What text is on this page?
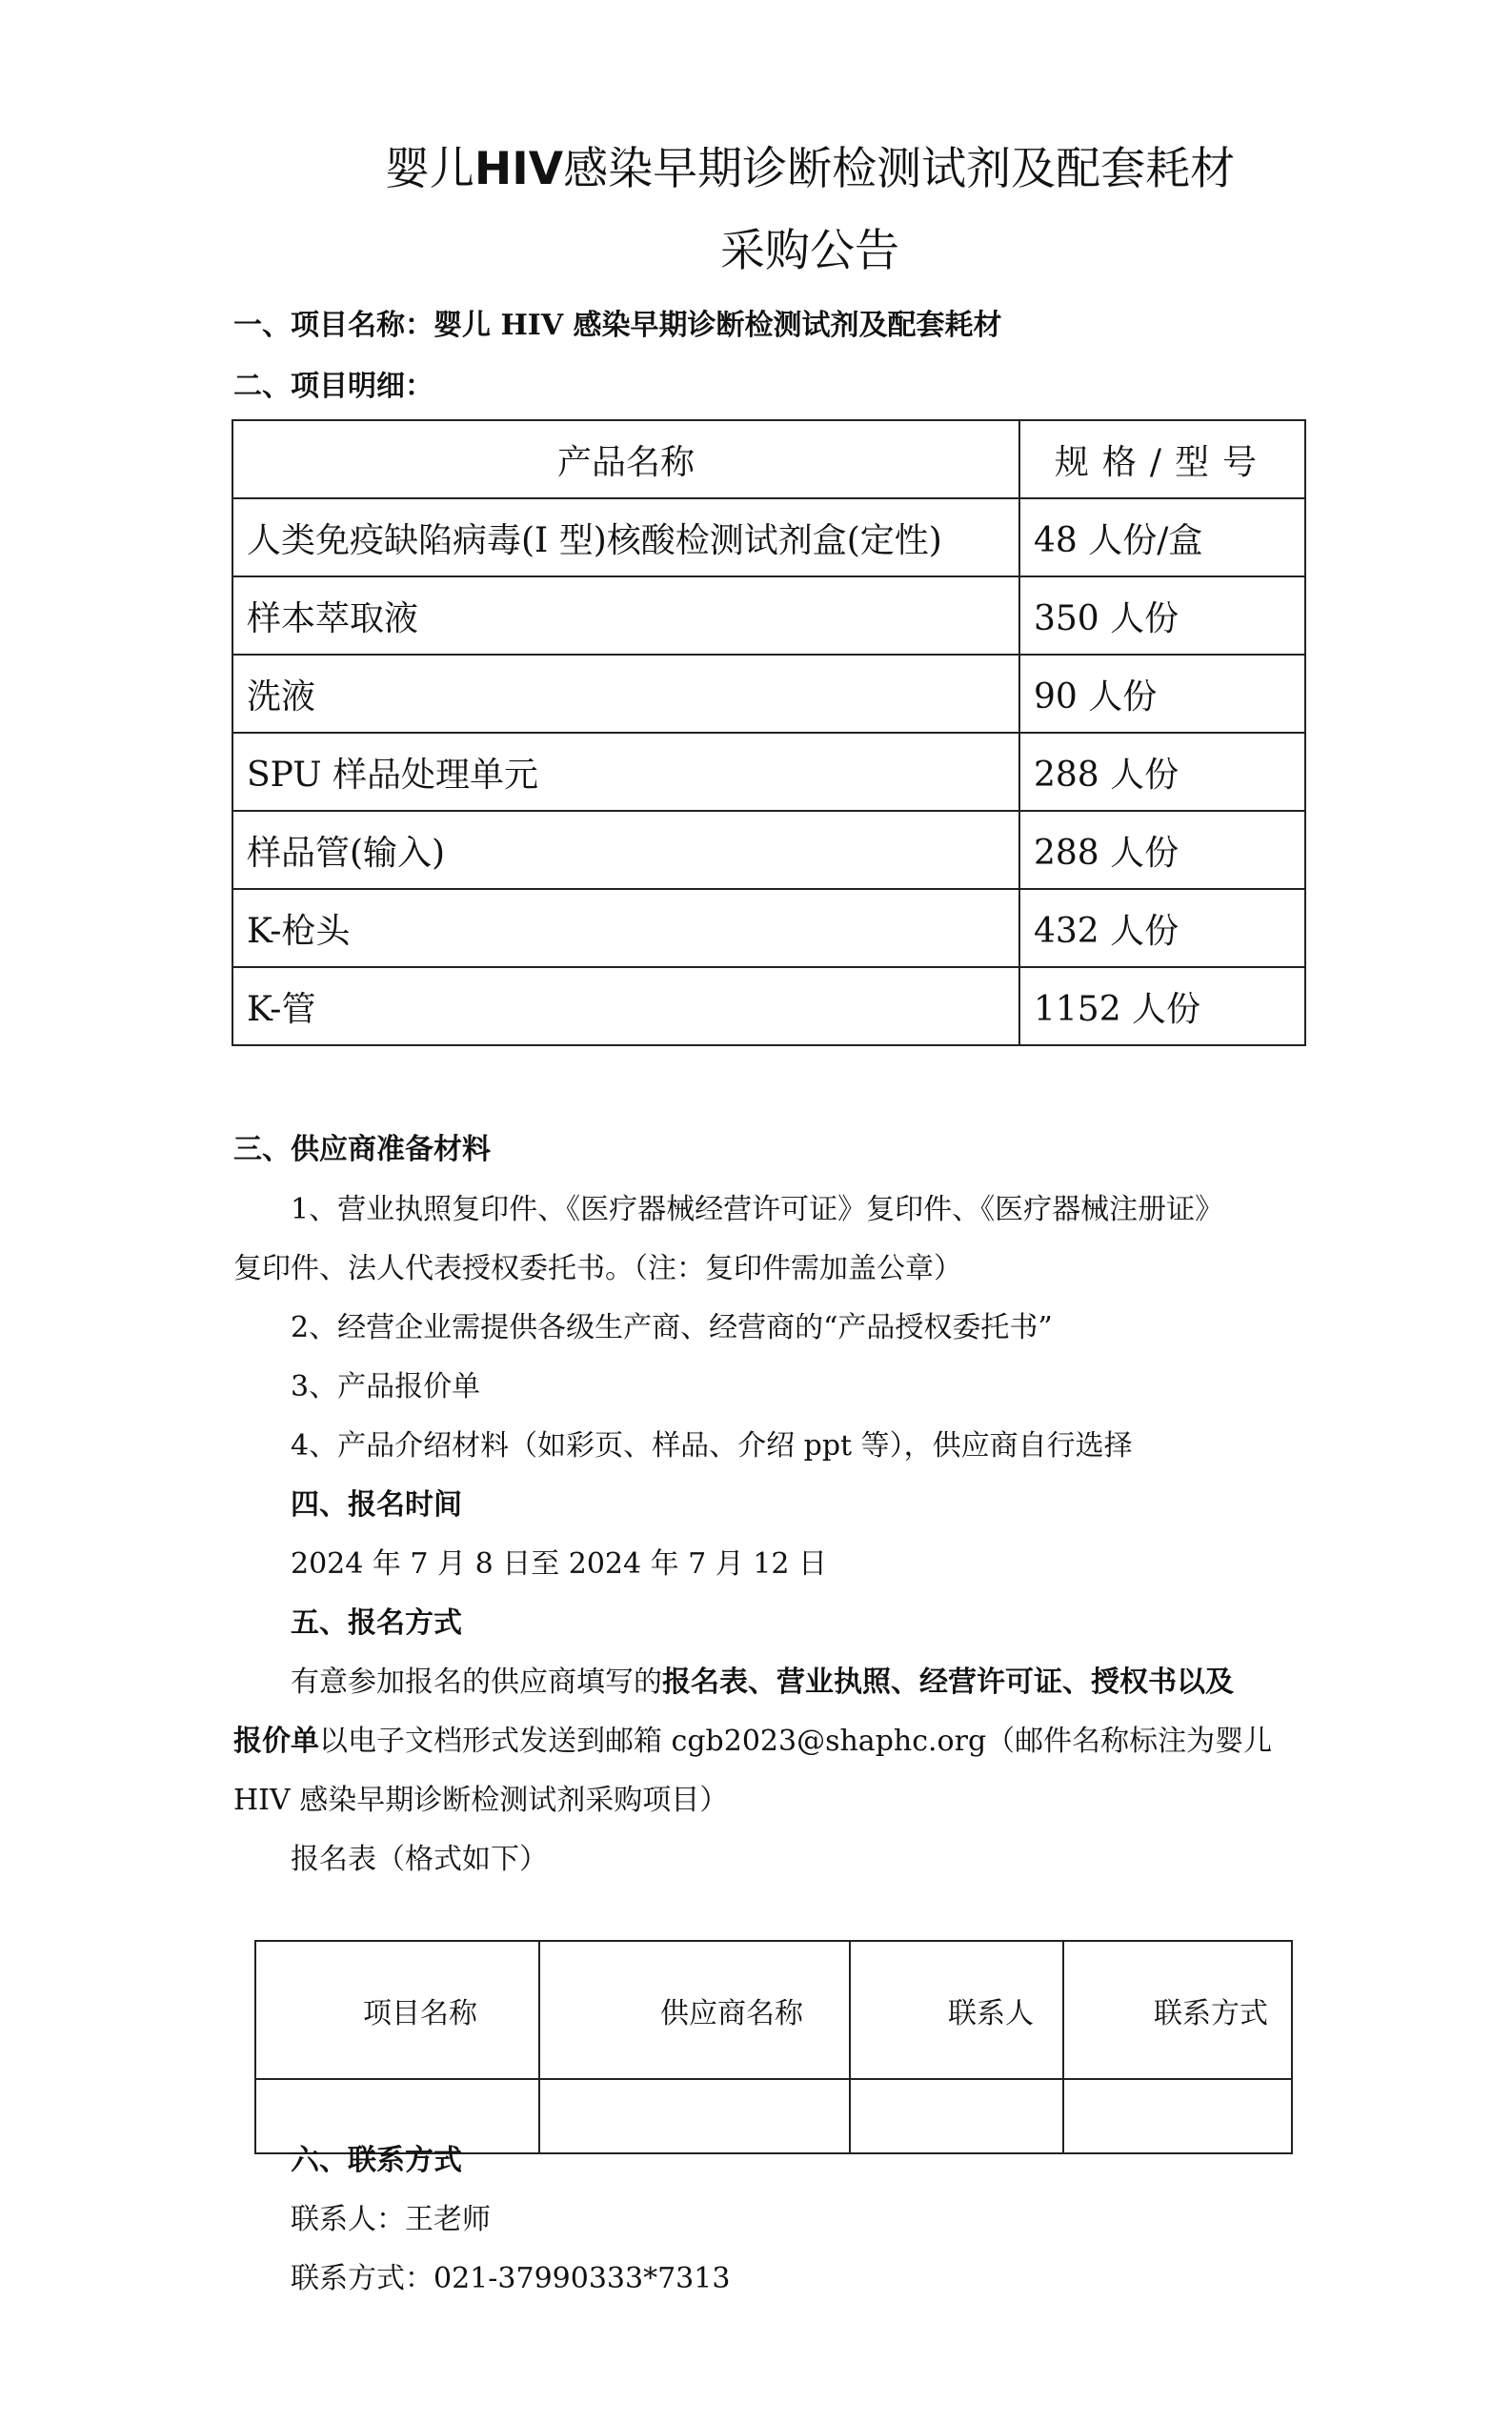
婴儿HIV感染早期诊断检测试剂及配套耗材
采购公告
一、项目名称：婴儿 HIV 感染早期诊断检测试剂及配套耗材
二、项目明细：
产品名称	规格/型号
人类免疫缺陷病毒(I 型)核酸检测试剂盒(定性)	48 人份/盒
样本萃取液	350 人份
洗液	90 人份
SPU 样品处理单元	288 人份
样品管(输入)	288 人份
K-枪头	432 人份
K-管	1152 人份
三、供应商准备材料
1、营业执照复印件、《医疗器械经营许可证》复印件、《医疗器械注册证》
复印件、法人代表授权委托书。（注：复印件需加盖公章）
2、经营企业需提供各级生产商、经营商的“产品授权委托书”
3、产品报价单
4、产品介绍材料（如彩页、样品、介绍 ppt 等），供应商自行选择
四、报名时间
2024 年 7 月 8 日至 2024 年 7 月 12 日
五、报名方式
有意参加报名的供应商填写的报名表、营业执照、经营许可证、授权书以及
报价单以电子文档形式发送到邮箱 cgb2023@shaphc.org（邮件名称标注为婴儿
HIV 感染早期诊断检测试剂采购项目）
报名表（格式如下）
项目名称	供应商名称	联系人	联系方式

六、联系方式
联系人：王老师
联系方式：021-37990333*7313
